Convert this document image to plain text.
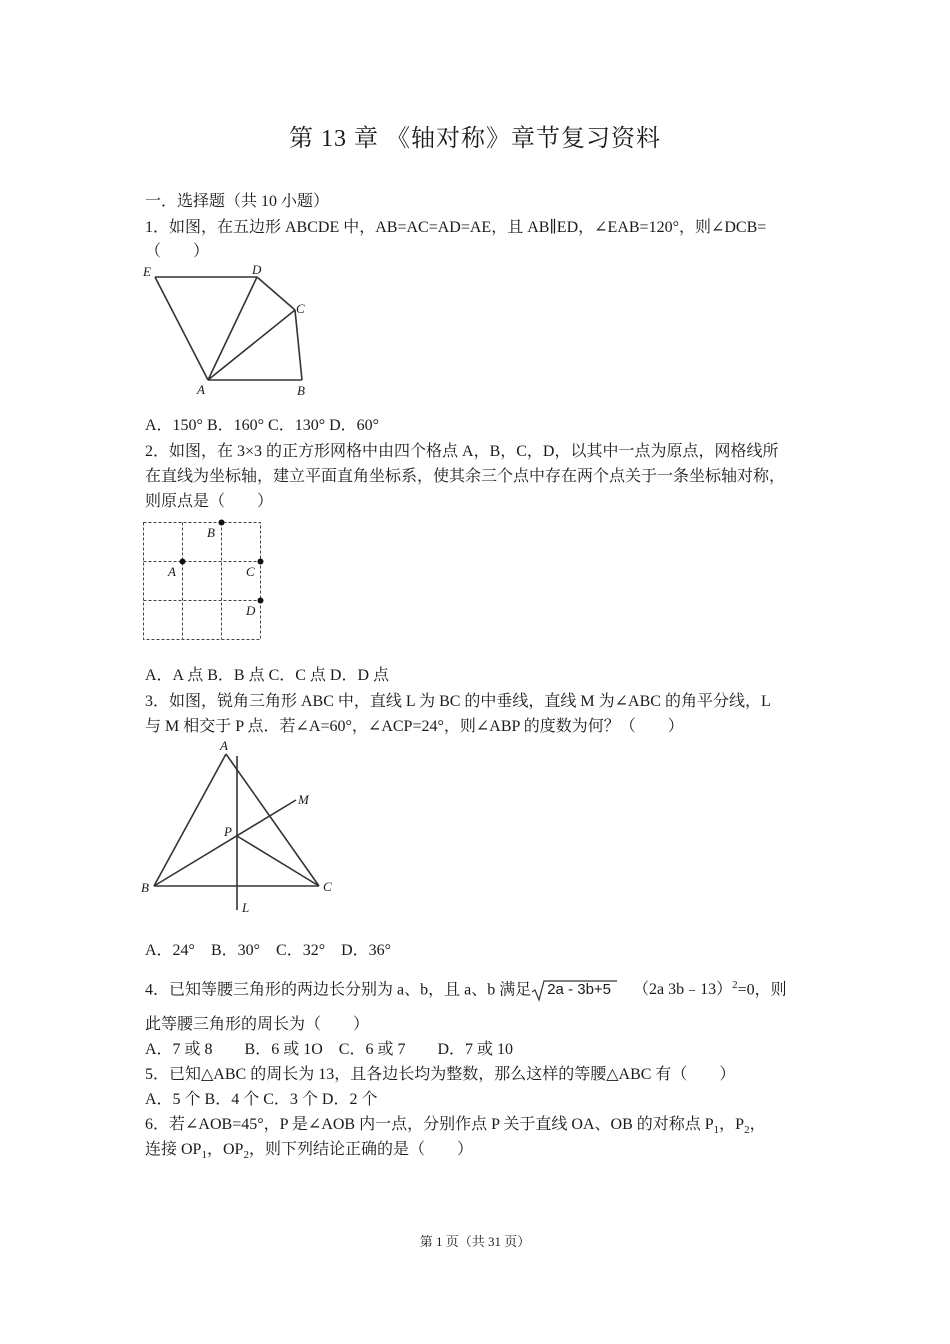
第 13 章 《轴对称》章节复习资料
一．选择题（共 10 小题）
1．如图，在五边形 ABCDE 中，AB=AC=AD=AE，且 AB∥ED，∠EAB=120°，则∠DCB=
（　　）
E	D
C
A	B
A．150° B．160° C．130° D．60°
2．如图，在 3×3 的正方形网格中由四个格点 A，B，C，D，以其中一点为原点，网格线所
在直线为坐标轴，建立平面直角坐标系，使其余三个点中存在两个点关于一条坐标轴对称，
则原点是（　　）
B
A	C
D
A．A 点 B．B 点 C．C 点 D．D 点
3．如图，锐角三角形 ABC 中，直线 L 为 BC 的中垂线，直线 M 为∠ABC 的角平分线，L
与 M 相交于 P 点．若∠A=60°，∠ACP=24°，则∠ABP 的度数为何？（　　）
A
M
P
B	C
L
A．24°　B．30°　C．32°　D．36°
4．已知等腰三角形的两边长分别为 a、b，且 a、b 满足 2a - 3b+5 （2a 3b﹣13）$^2$=0，则
此等腰三角形的周长为（　　）
A．7 或 8　　B．6 或 1O　C．6 或 7　　D．7 或 10
5．已知△ABC 的周长为 13，且各边长均为整数，那么这样的等腰△ABC 有（　　）
A．5 个 B．4 个 C．3 个 D．2 个
6．若∠AOB=45°，P 是∠AOB 内一点，分别作点 P 关于直线 OA、OB 的对称点 $P_1$，$P_2$，
连接 $OP_1$，$OP_2$，则下列结论正确的是（　　）
第 1 页（共 31 页）
